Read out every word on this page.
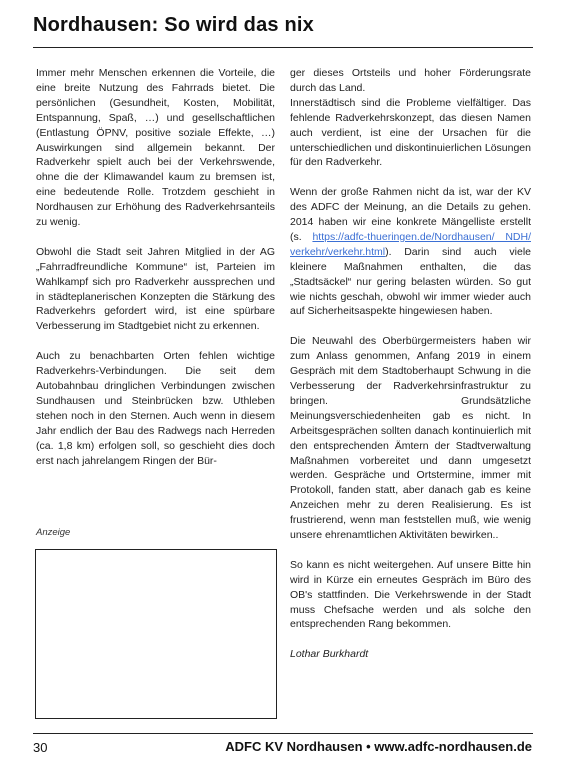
Nordhausen: So wird das nix

Immer mehr Menschen erkennen die Vorteile, die eine breite Nutzung des Fahrrads bietet. Die persönlichen (Gesundheit, Kosten, Mobilität, Entspannung, Spaß, …) und gesellschaftlichen (Entlastung ÖPNV, positive soziale Effekte, …) Auswirkungen sind allgemein bekannt. Der Radverkehr spielt auch bei der Verkehrswende, ohne die der Klimawandel kaum zu bremsen ist, eine bedeutende Rolle. Trotzdem geschieht in Nordhausen zur Erhöhung des Radverkehrsanteils zu wenig.

Obwohl die Stadt seit Jahren Mitglied in der AG „Fahrradfreundliche Kommune“ ist, Parteien im Wahlkampf sich pro Radverkehr aussprechen und in städteplanerischen Konzepten die Stärkung des Radverkehrs gefordert wird, ist eine spürbare Verbesserung im Stadtgebiet nicht zu erkennen.

Auch zu benachbarten Orten fehlen wichtige Radverkehrs-Verbindungen. Die seit dem Autobahnbau dringlichen Verbindungen zwischen Sundhausen und Steinbrücken bzw. Uthleben stehen noch in den Sternen. Auch wenn in diesem Jahr endlich der Bau des Radwegs nach Herreden (ca. 1,8 km) erfolgen soll, so geschieht dies doch erst nach jahrelangem Ringen der Bür-

Anzeige

ger dieses Ortsteils und hoher Förderungsrate durch das Land.

Innerstädtisch sind die Probleme vielfältiger. Das fehlende Radverkehrskonzept, das diesen Namen auch verdient, ist eine der Ursachen für die unterschiedlichen und diskontinuierlichen Lösungen für den Radverkehr.

Wenn der große Rahmen nicht da ist, war der KV des ADFC der Meinung, an die Details zu gehen. 2014 haben wir eine konkrete Mängelliste erstellt (s. https://adfc-thueringen.de/Nordhausen/ NDH/ verkehr/verkehr.html). Darin sind auch viele kleinere Maßnahmen enthalten, die das „Stadtsäckel“ nur gering belasten würden. So gut wie nichts geschah, obwohl wir immer wieder auch auf Sicherheitsaspekte hingewiesen haben.

Die Neuwahl des Oberbürgermeisters haben wir zum Anlass genommen, Anfang 2019 in einem Gespräch mit dem Stadtoberhaupt Schwung in die Verbesserung der Radverkehrsinfrastruktur zu bringen. Grundsätzliche Meinungsverschiedenheiten gab es nicht. In Arbeitsgesprächen sollten danach kontinuierlich mit den entsprechenden Ämtern der Stadtverwaltung Maßnahmen vorbereitet und dann umgesetzt werden. Gespräche und Ortstermine, immer mit Protokoll, fanden statt, aber danach gab es keine Anzeichen mehr zu deren Realisierung. Es ist frustrierend, wenn man feststellen muß, wie wenig unsere ehrenamtlichen Aktivitäten bewirken..

So kann es nicht weitergehen. Auf unsere Bitte hin wird in Kürze ein erneutes Gespräch im Büro des OB's stattfinden. Die Verkehrswende in der Stadt muss Chefsache werden und als solche den entsprechenden Rang bekommen.

Lothar Burkhardt

30	ADFC KV Nordhausen • www.adfc-nordhausen.de
